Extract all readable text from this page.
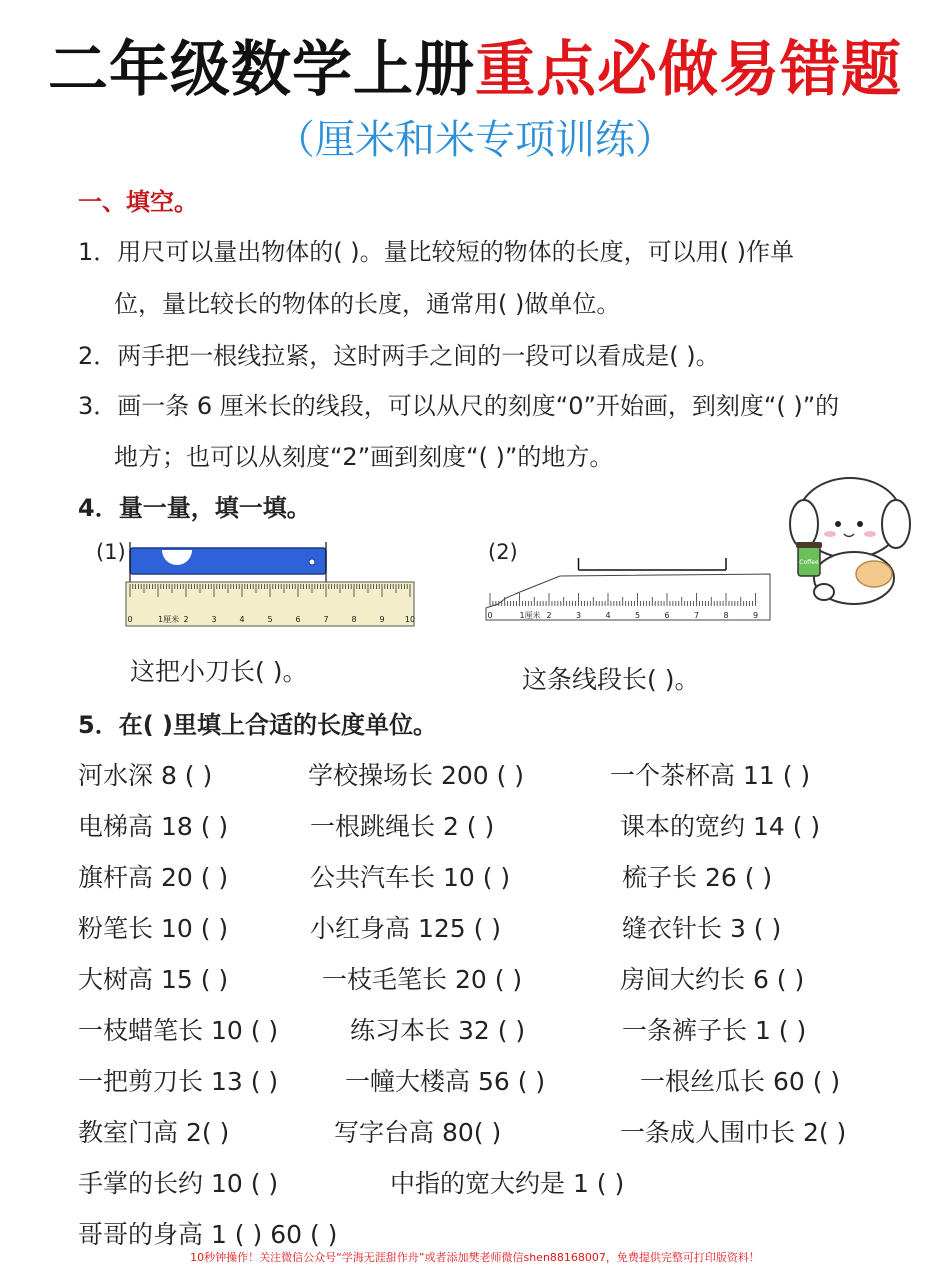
二年级数学上册重点必做易错题
（厘米和米专项训练）
一、填空。
1．用尺可以量出物体的( )。量比较短的物体的长度，可以用( )作单
位，量比较长的物体的长度，通常用( )做单位。
2．两手把一根线拉紧，这时两手之间的一段可以看成是( )。
3．画一条 6 厘米长的线段，可以从尺的刻度“0”开始画，到刻度“( )”的
地方；也可以从刻度“2”画到刻度“( )”的地方。
4．量一量，填一填。
(1)	(2)
0	1厘米 2	3	4	5	6	7	8	9	10	0	1厘米 2	3	4	5	6	7	8	9
Coffee
这把小刀长( )。	这条线段长( )。
5．在( )里填上合适的长度单位。
河水深 8 ( )	学校操场长 200 ( )	一个茶杯高 11 ( )
电梯高 18 ( )	一根跳绳长 2 ( )	课本的宽约 14 ( )
旗杆高 20 ( )	公共汽车长 10 ( )	梳子长 26 ( )
粉笔长 10 ( )	小红身高 125 ( )	缝衣针长 3 ( )
大树高 15 ( )	一枝毛笔长 20 ( )	房间大约长 6 ( )
一枝蜡笔长 10 ( )	练习本长 32 ( )	一条裤子长 1 ( )
一把剪刀长 13 ( )	一幢大楼高 56 ( )	一根丝瓜长 60 ( )
教室门高 2( )	写字台高 80( )	一条成人围巾长 2( )
手掌的长约 10 ( )	中指的宽大约是 1 ( )
哥哥的身高 1 ( ) 60 ( )
10秒钟操作！关注微信公众号“学海无涯甜作舟”或者添加樊老师微信shen88168007，免费提供完整可打印版资料！
